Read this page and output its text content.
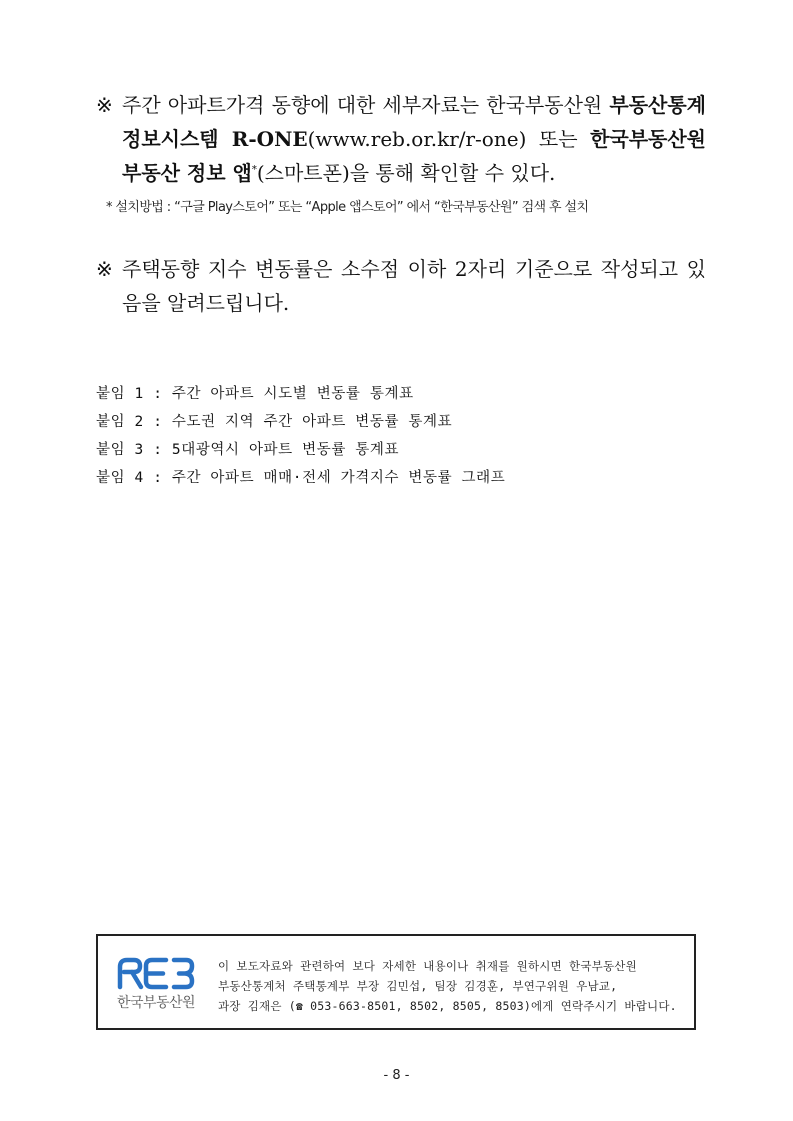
※ 주간 아파트가격 동향에 대한 세부자료는 한국부동산원 부동산통계 정보시스템 R-ONE(www.reb.or.kr/r-one) 또는 한국부동산원 부동산 정보 앱*(스마트폰)을 통해 확인할 수 있다.
* 설치방법 : “구글 Play스토어” 또는 “Apple 앱스토어” 에서 “한국부동산원” 검색 후 설치
※ 주택동향 지수 변동률은 소수점 이하 2자리 기준으로 작성되고 있음을 알려드립니다.
붙임 1 : 주간 아파트 시도별 변동률 통계표
붙임 2 : 수도권 지역 주간 아파트 변동률 통계표
붙임 3 : 5대광역시 아파트 변동률 통계표
붙임 4 : 주간 아파트 매매·전세 가격지수 변동률 그래프
한국부동산원
이 보도자료와 관련하여 보다 자세한 내용이나 취재를 원하시면 한국부동산원
부동산통계처 주택통계부 부장 김민섭, 팀장 김경훈, 부연구위원 우남교,
과장 김재은 (☎ 053-663-8501, 8502, 8505, 8503)에게 연락주시기 바랍니다.
- 8 -
